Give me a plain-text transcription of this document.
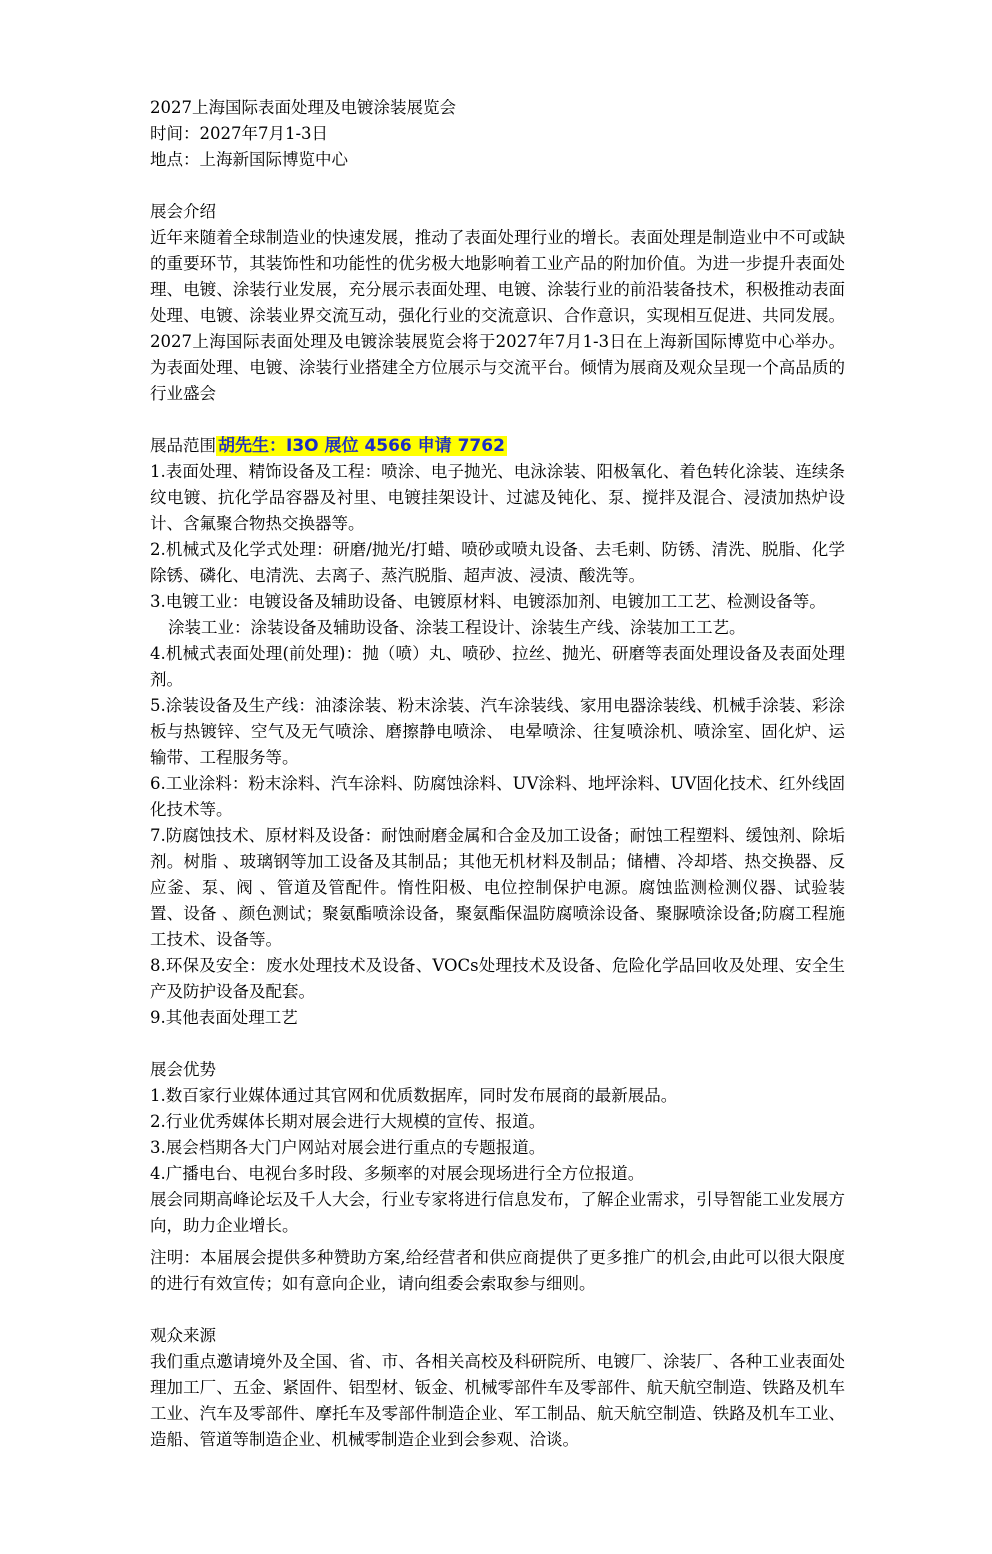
2027上海国际表面处理及电镀涂装展览会

时间：2027年7月1-3日

地点：上海新国际博览中心

展会介绍

近年来随着全球制造业的快速发展，推动了表面处理行业的增长。表面处理是制造业中不可或缺的重要环节，其装饰性和功能性的优劣极大地影响着工业产品的附加价值。为进一步提升表面处理、电镀、涂装行业发展，充分展示表面处理、电镀、涂装行业的前沿装备技术，积极推动表面处理、电镀、涂装业界交流互动，强化行业的交流意识、合作意识，实现相互促进、共同发展。2027上海国际表面处理及电镀涂装展览会将于2027年7月1-3日在上海新国际博览中心举办。为表面处理、电镀、涂装行业搭建全方位展示与交流平台。倾情为展商及观众呈现一个高品质的行业盛会

展品范围 胡先生：I3O 展位 4566 申请 7762

1.表面处理、精饰设备及工程：喷涂、电子抛光、电泳涂装、阳极氧化、着色转化涂装、连续条纹电镀、抗化学品容器及衬里、电镀挂架设计、过滤及钝化、泵、搅拌及混合、浸渍加热炉设计、含氟聚合物热交换器等。

2.机械式及化学式处理：研磨/抛光/打蜡、喷砂或喷丸设备、去毛刺、防锈、清洗、脱脂、化学除锈、磷化、电清洗、去离子、蒸汽脱脂、超声波、浸渍、酸洗等。

3.电镀工业：电镀设备及辅助设备、电镀原材料、电镀添加剂、电镀加工工艺、检测设备等。

涂装工业：涂装设备及辅助设备、涂装工程设计、涂装生产线、涂装加工工艺。

4.机械式表面处理(前处理)：抛（喷）丸、喷砂、拉丝、抛光、研磨等表面处理设备及表面处理剂。

5.涂装设备及生产线：油漆涂装、粉末涂装、汽车涂装线、家用电器涂装线、机械手涂装、彩涂板与热镀锌、空气及无气喷涂、磨擦静电喷涂、 电晕喷涂、往复喷涂机、喷涂室、固化炉、运输带、工程服务等。

6.工业涂料：粉末涂料、汽车涂料、防腐蚀涂料、UV涂料、地坪涂料、UV固化技术、红外线固化技术等。

7.防腐蚀技术、原材料及设备：耐蚀耐磨金属和合金及加工设备；耐蚀工程塑料、缓蚀剂、除垢剂。树脂 、玻璃钢等加工设备及其制品；其他无机材料及制品；储槽、冷却塔、热交换器、反应釜、泵、阀 、管道及管配件。惰性阳极、电位控制保护电源。腐蚀监测检测仪器、试验装置、设备 、颜色测试；聚氨酯喷涂设备，聚氨酯保温防腐喷涂设备、聚脲喷涂设备;防腐工程施工技术、设备等。

8.环保及安全：废水处理技术及设备、VOCs处理技术及设备、危险化学品回收及处理、安全生产及防护设备及配套。

9.其他表面处理工艺

展会优势

1.数百家行业媒体通过其官网和优质数据库，同时发布展商的最新展品。

2.行业优秀媒体长期对展会进行大规模的宣传、报道。

3.展会档期各大门户网站对展会进行重点的专题报道。

4.广播电台、电视台多时段、多频率的对展会现场进行全方位报道。

展会同期高峰论坛及千人大会，行业专家将进行信息发布，了解企业需求，引导智能工业发展方向，助力企业增长。

注明：本届展会提供多种赞助方案,给经营者和供应商提供了更多推广的机会,由此可以很大限度的进行有效宣传；如有意向企业，请向组委会索取参与细则。

观众来源

我们重点邀请境外及全国、省、市、各相关高校及科研院所、电镀厂、涂装厂、各种工业表面处理加工厂、五金、紧固件、铝型材、钣金、机械零部件车及零部件、航天航空制造、铁路及机车工业、汽车及零部件、摩托车及零部件制造企业、军工制品、航天航空制造、铁路及机车工业、造船、管道等制造企业、机械零制造企业到会参观、洽谈。
